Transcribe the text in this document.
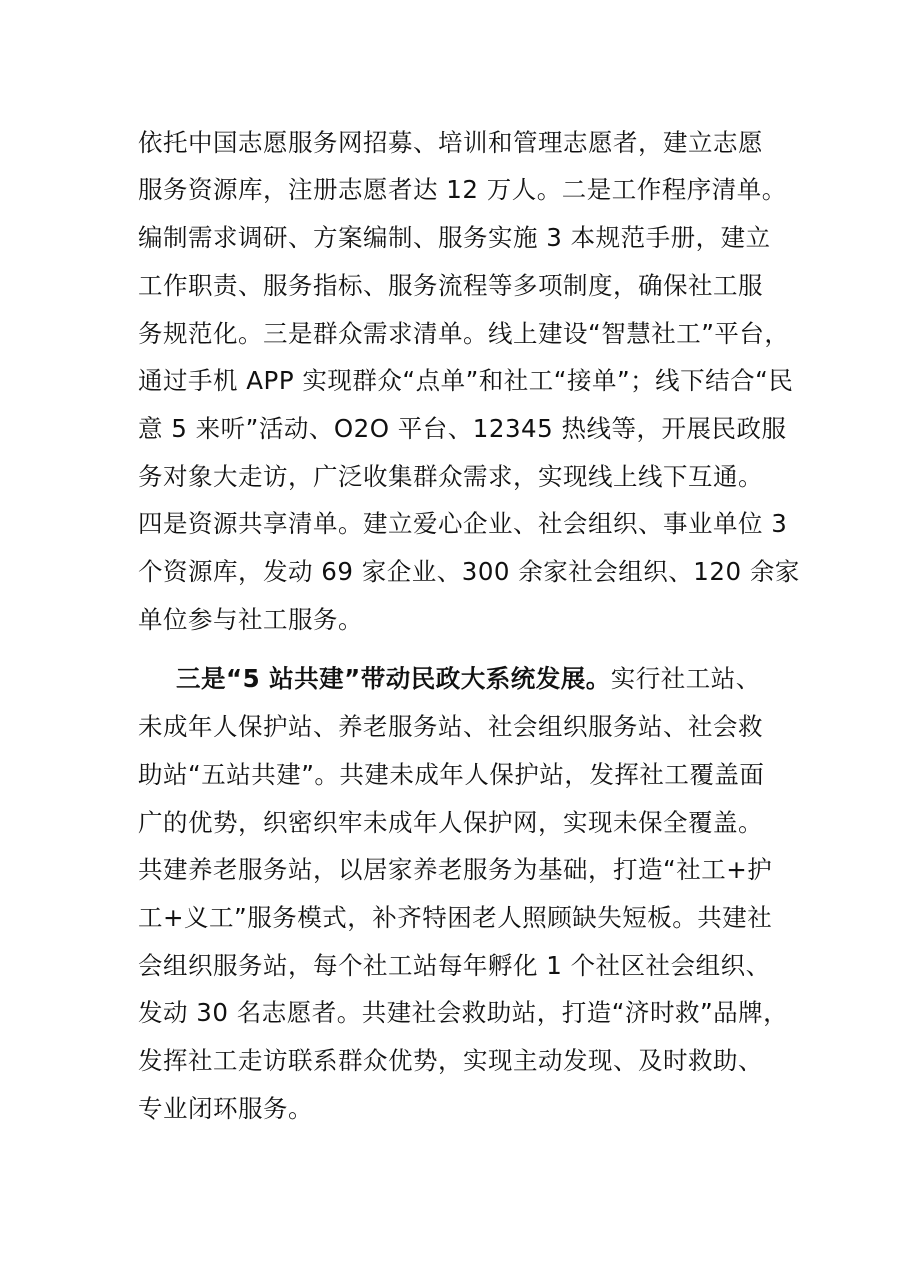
依托中国志愿服务网招募、培训和管理志愿者，建立志愿
服务资源库，注册志愿者达 12 万人。二是工作程序清单。
编制需求调研、方案编制、服务实施 3 本规范手册，建立
工作职责、服务指标、服务流程等多项制度，确保社工服
务规范化。三是群众需求清单。线上建设“智慧社工”平台，
通过手机 APP 实现群众“点单”和社工“接单”；线下结合“民
意 5 来听”活动、O2O 平台、12345 热线等，开展民政服
务对象大走访，广泛收集群众需求，实现线上线下互通。
四是资源共享清单。建立爱心企业、社会组织、事业单位 3
个资源库，发动 69 家企业、300 余家社会组织、120 余家
单位参与社工服务。
三是“5 站共建”带动民政大系统发展。实行社工站、
未成年人保护站、养老服务站、社会组织服务站、社会救
助站“五站共建”。共建未成年人保护站，发挥社工覆盖面
广的优势，织密织牢未成年人保护网，实现未保全覆盖。
共建养老服务站，以居家养老服务为基础，打造“社工+护
工+义工”服务模式，补齐特困老人照顾缺失短板。共建社
会组织服务站，每个社工站每年孵化 1 个社区社会组织、
发动 30 名志愿者。共建社会救助站，打造“济时救”品牌，
发挥社工走访联系群众优势，实现主动发现、及时救助、
专业闭环服务。
